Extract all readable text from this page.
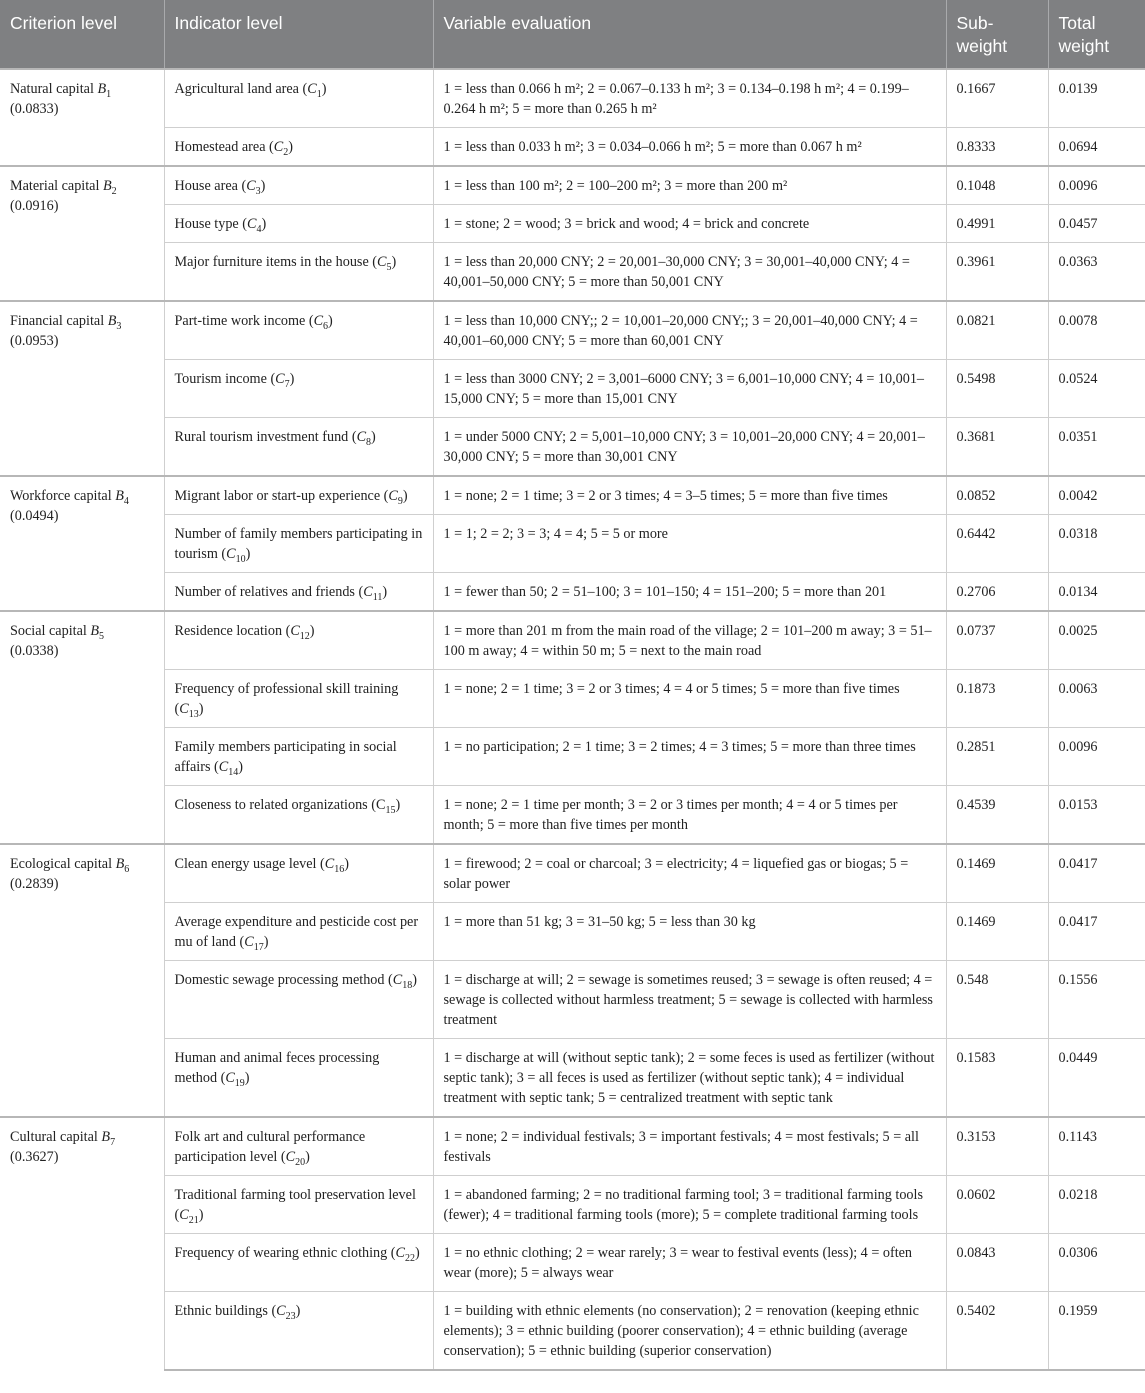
Criterion level	Indicator level	Variable evaluation	Sub-weight	Total weight
Natural capital $B_1$
(0.0833)	Agricultural land area $(C_1)$	1 = less than 0.066 h m²; 2 = 0.067–0.133 h m²; 3 = 0.134–0.198 h m²; 4 = 0.199–0.264 h m²; 5 = more than 0.265 h m²	0.1667	0.0139
	Homestead area $(C_2)$	1 = less than 0.033 h m²; 3 = 0.034–0.066 h m²; 5 = more than 0.067 h m²	0.8333	0.0694
Material capital $B_2$
(0.0916)	House area $(C_3)$	1 = less than 100 m²; 2 = 100–200 m²; 3 = more than 200 m²	0.1048	0.0096
	House type $(C_4)$	1 = stone; 2 = wood; 3 = brick and wood; 4 = brick and concrete	0.4991	0.0457
	Major furniture items in the house $(C_5)$	1 = less than 20,000 CNY; 2 = 20,001–30,000 CNY; 3 = 30,001–40,000 CNY; 4 = 40,001–50,000 CNY; 5 = more than 50,001 CNY	0.3961	0.0363
Financial capital $B_3$
(0.0953)	Part-time work income $(C_6)$	1 = less than 10,000 CNY;; 2 = 10,001–20,000 CNY;; 3 = 20,001–40,000 CNY; 4 = 40,001–60,000 CNY; 5 = more than 60,001 CNY	0.0821	0.0078
	Tourism income $(C_7)$	1 = less than 3000 CNY; 2 = 3,001–6000 CNY; 3 = 6,001–10,000 CNY; 4 = 10,001–15,000 CNY; 5 = more than 15,001 CNY	0.5498	0.0524
	Rural tourism investment fund $(C_8)$	1 = under 5000 CNY; 2 = 5,001–10,000 CNY; 3 = 10,001–20,000 CNY; 4 = 20,001–30,000 CNY; 5 = more than 30,001 CNY	0.3681	0.0351
Workforce capital $B_4$
(0.0494)	Migrant labor or start-up experience $(C_9)$	1 = none; 2 = 1 time; 3 = 2 or 3 times; 4 = 3–5 times; 5 = more than five times	0.0852	0.0042
	Number of family members participating in tourism $(C_{10})$	1 = 1; 2 = 2; 3 = 3; 4 = 4; 5 = 5 or more	0.6442	0.0318
	Number of relatives and friends $(C_{11})$	1 = fewer than 50; 2 = 51–100; 3 = 101–150; 4 = 151–200; 5 = more than 201	0.2706	0.0134
Social capital $B_5$
(0.0338)	Residence location $(C_{12})$	1 = more than 201 m from the main road of the village; 2 = 101–200 m away; 3 = 51–100 m away; 4 = within 50 m; 5 = next to the main road	0.0737	0.0025
	Frequency of professional skill training $(C_{13})$	1 = none; 2 = 1 time; 3 = 2 or 3 times; 4 = 4 or 5 times; 5 = more than five times	0.1873	0.0063
	Family members participating in social affairs $(C_{14})$	1 = no participation; 2 = 1 time; 3 = 2 times; 4 = 3 times; 5 = more than three times	0.2851	0.0096
	Closeness to related organizations $(C_{15})$	1 = none; 2 = 1 time per month; 3 = 2 or 3 times per month; 4 = 4 or 5 times per month; 5 = more than five times per month	0.4539	0.0153
Ecological capital $B_6$
(0.2839)	Clean energy usage level $(C_{16})$	1 = firewood; 2 = coal or charcoal; 3 = electricity; 4 = liquefied gas or biogas; 5 = solar power	0.1469	0.0417
	Average expenditure and pesticide cost per mu of land $(C_{17})$	1 = more than 51 kg; 3 = 31–50 kg; 5 = less than 30 kg	0.1469	0.0417
	Domestic sewage processing method $(C_{18})$	1 = discharge at will; 2 = sewage is sometimes reused; 3 = sewage is often reused; 4 = sewage is collected without harmless treatment; 5 = sewage is collected with harmless treatment	0.548	0.1556
	Human and animal feces processing method $(C_{19})$	1 = discharge at will (without septic tank); 2 = some feces is used as fertilizer (without septic tank); 3 = all feces is used as fertilizer (without septic tank); 4 = individual treatment with septic tank; 5 = centralized treatment with septic tank	0.1583	0.0449
Cultural capital $B_7$
(0.3627)	Folk art and cultural performance participation level $(C_{20})$	1 = none; 2 = individual festivals; 3 = important festivals; 4 = most festivals; 5 = all festivals	0.3153	0.1143
	Traditional farming tool preservation level $(C_{21})$	1 = abandoned farming; 2 = no traditional farming tool; 3 = traditional farming tools (fewer); 4 = traditional farming tools (more); 5 = complete traditional farming tools	0.0602	0.0218
	Frequency of wearing ethnic clothing $(C_{22})$	1 = no ethnic clothing; 2 = wear rarely; 3 = wear to festival events (less); 4 = often wear (more); 5 = always wear	0.0843	0.0306
	Ethnic buildings $(C_{23})$	1 = building with ethnic elements (no conservation); 2 = renovation (keeping ethnic elements); 3 = ethnic building (poorer conservation); 4 = ethnic building (average conservation); 5 = ethnic building (superior conservation)	0.5402	0.1959
